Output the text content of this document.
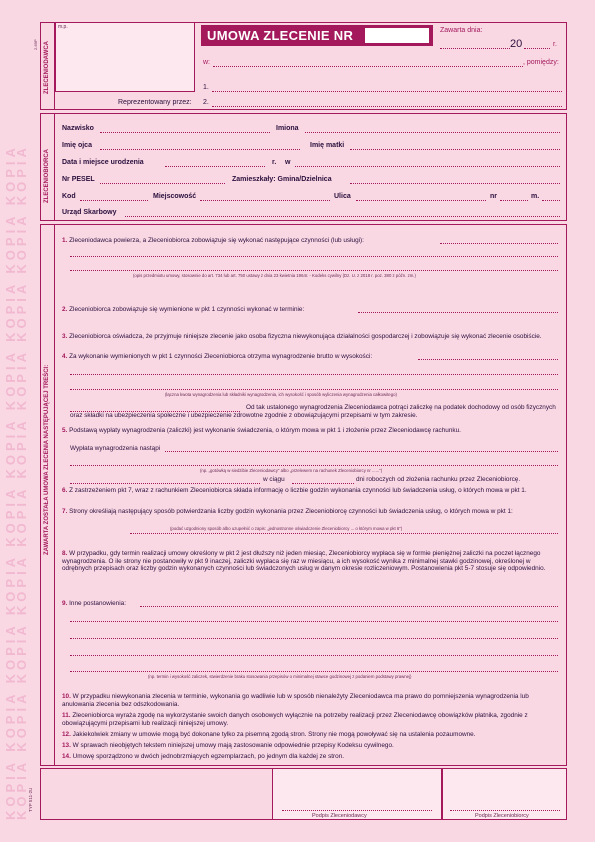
KOPIA KOPIA KOPIA KOPIA KOPIA KOPIA KOPIA KOPIA KOPIA KOPIA
KOPIA KOPIA KOPIA KOPIA KOPIA KOPIA KOPIA KOPIA KOPIA KOPIA TYP 511-2U
2-69P ZLECENIODAWCA
m.p.
UMOWA ZLECENIE NR	Zawarta dnia:
20	r.
w:	, pomiędzy:
1.
Reprezentowany przez: 2.
ZLECENIOBIORCA
Nazwisko	Imiona
Imię ojca	Imię matki
Data i miejsce urodzenia	r. w
Nr PESEL	Zamieszkały: Gmina/Dzielnica
Kod	Miejscowość	Ulica	nr	m.
Urząd Skarbowy
ZAWARTA ZOSTAŁA UMOWA ZLECENIA NASTĘPUJĄCEJ TREŚCI:
1. Zleceniodawca powierza, a Zleceniobiorca zobowiązuje się wykonać następujące czynności (lub usługi):
(opis przedmiotu umowy, stosownie do art. 734 lub art. 750 ustawy z dnia 23 kwietnia 1964r. - Kodeks cywilny (Dz. U. z 2018 r. poz. 380 z późn. zm.)
2. Zleceniobiorca zobowiązuje się wymienione w pkt 1 czynności wykonać w terminie:
3. Zleceniobiorca oświadcza, że przyjmuje niniejsze zlecenie jako osoba fizyczna niewykonująca działalności gospodarczej i zobowiązuje się wykonać zlecenie osobiście.
4. Za wykonanie wymienionych w pkt 1 czynności Zleceniobiorca otrzyma wynagrodzenie brutto w wysokości:
(łączna kwota wynagrodzenia lub składniki wynagrodzenia, ich wysokość i sposób wyliczenia wynagrodzenia całkowitego)
Od tak ustalonego wynagrodzenia Zleceniodawca potrąci zaliczkę na podatek dochodowy od osób fizycznych oraz składki na ubezpieczenia społeczne i ubezpieczenie zdrowotne zgodnie z obowiązującymi przepisami w tym zakresie.
5. Podstawą wypłaty wynagrodzenia (zaliczki) jest wykonanie świadczenia, o którym mowa w pkt 1 i złożenie przez Zleceniodawcę rachunku.
Wypłata wynagrodzenia nastąpi
(np. „gotówką w siedzibie Zleceniodawcy" albo „przelewem na rachunek Zleceniobiorcy nr ......")
w ciągu	dni roboczych od złożenia rachunku przez Zleceniobiorcę.
6. Z zastrzeżeniem pkt 7, wraz z rachunkiem Zleceniobiorca składa informację o liczbie godzin wykonania czynności lub świadczenia usług, o których mowa w pkt 1.
7. Strony określiają następujący sposób potwierdzania liczby godzin wykonania przez Zleceniobiorcę czynności lub świadczenia usług, o których mowa w pkt 1:
(podać uzgodniony sposób albo uzupełnić o zapis: „jednostronne oświadczenie Zleceniobiorcy ... o którym mowa w pkt 6")
8. W przypadku, gdy termin realizacji umowy określony w pkt 2 jest dłuższy niż jeden miesiąc, Zleceniobiorcy wypłaca się w formie pieniężnej zaliczki na poczet łącznego wynagrodzenia. O ile strony nie postanowiły w pkt 9 inaczej, zaliczki wypłaca się raz w miesiącu, a ich wysokość wynika z minimalnej stawki godzinowej, określonej w odrębnych przepisach oraz liczby godzin wykonanych czynności lub świadczonych usług w danym okresie rozliczeniowym. Postanowienia pkt 5-7 stosuje się odpowiednio.
9. Inne postanowienia:
(np. termin i wysokość zaliczek, stwierdzenie braku stosowania przepisów o minimalnej stawce godzinowej z podaniem podstawy prawnej)
10. W przypadku niewykonania zlecenia w terminie, wykonania go wadliwie lub w sposób nienależyty Zleceniodawca ma prawo do pomniejszenia wynagrodzenia lub anulowania zlecenia bez odszkodowania.
11. Zleceniobiorca wyraża zgodę na wykorzystanie swoich danych osobowych wyłącznie na potrzeby realizacji przez Zleceniodawcę obowiązków płatnika, zgodnie z obowiązującymi przepisami lub realizacji niniejszej umowy.
12. Jakiekolwiek zmiany w umowie mogą być dokonane tylko za pisemną zgodą stron. Strony nie mogą powoływać się na ustalenia pozaumowne.
13. W sprawach nieobjętych tekstem niniejszej umowy mają zastosowanie odpowiednie przepisy Kodeksu cywilnego.
14. Umowę sporządzono w dwóch jednobrzmiących egzemplarzach, po jednym dla każdej ze stron.
Podpis Zleceniodawcy	Podpis Zleceniobiorcy
